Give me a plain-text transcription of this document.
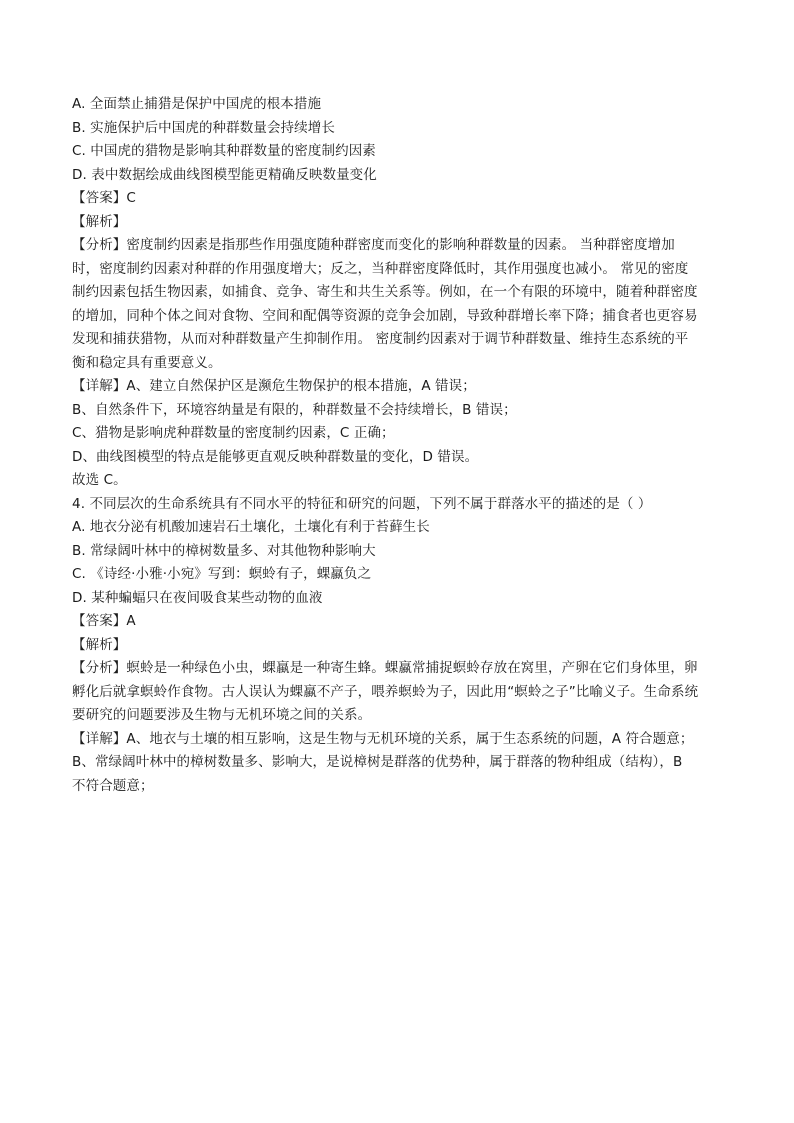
A. 全面禁止捕猎是保护中国虎的根本措施
B. 实施保护后中国虎的种群数量会持续增长
C. 中国虎的猎物是影响其种群数量的密度制约因素
D. 表中数据绘成曲线图模型能更精确反映数量变化
【答案】C
【解析】
【分析】密度制约因素是指那些作用强度随种群密度而变化的影响种群数量的因素。 当种群密度增加
时，密度制约因素对种群的作用强度增大；反之，当种群密度降低时，其作用强度也减小。 常见的密度
制约因素包括生物因素，如捕食、竞争、寄生和共生关系等。例如，在一个有限的环境中，随着种群密度
的增加，同种个体之间对食物、空间和配偶等资源的竞争会加剧，导致种群增长率下降；捕食者也更容易
发现和捕获猎物，从而对种群数量产生抑制作用。 密度制约因素对于调节种群数量、维持生态系统的平
衡和稳定具有重要意义。
【详解】A、建立自然保护区是濒危生物保护的根本措施，A 错误；
B、自然条件下，环境容纳量是有限的，种群数量不会持续增长，B 错误；
C、猎物是影响虎种群数量的密度制约因素，C 正确；
D、曲线图模型的特点是能够更直观反映种群数量的变化，D 错误。
故选 C。
4. 不同层次的生命系统具有不同水平的特征和研究的问题，下列不属于群落水平的描述的是（ ）
A. 地衣分泌有机酸加速岩石土壤化，土壤化有利于苔藓生长
B. 常绿阔叶林中的樟树数量多、对其他物种影响大
C. 《诗经·小雅·小宛》写到：螟蛉有子，蜾蠃负之
D. 某种蝙蝠只在夜间吸食某些动物的血液
【答案】A
【解析】
【分析】螟蛉是一种绿色小虫，蜾蠃是一种寄生蜂。蜾蠃常捕捉螟蛉存放在窝里，产卵在它们身体里，卵
孵化后就拿螟蛉作食物。古人误认为蜾蠃不产子，喂养螟蛉为子，因此用“螟蛉之子”比喻义子。生命系统
要研究的问题要涉及生物与无机环境之间的关系。
【详解】A、地衣与土壤的相互影响，这是生物与无机环境的关系，属于生态系统的问题，A 符合题意；
B、常绿阔叶林中的樟树数量多、影响大，是说樟树是群落的优势种，属于群落的物种组成（结构），B
不符合题意；
